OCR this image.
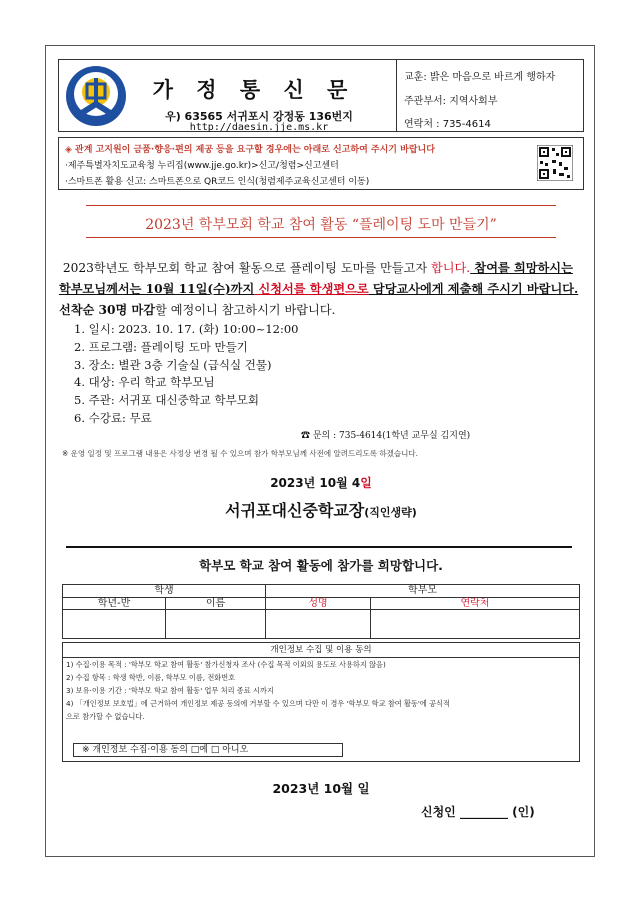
가 정 통 신 문
우) 63565 서귀포시 강정동 136번지
http://daesin.jje.ms.kr
교훈: 밝은 마음으로 바르게 행하자
주관부서: 지역사회부
연락처 : 735-4614
◈ 관계 고지원이 금품·향응·편의 제공 등을 요구할 경우에는 아래로 신고하여 주시기 바랍니다
·제주특별자치도교육청 누리집(www.jje.go.kr)>신고/청렴>신고센터
·스마트폰 활용 신고: 스마트폰으로 QR코드 인식(청렴제주교육신고센터 이동)
2023년 학부모회 학교 참여 활동 “플레이팅 도마 만들기”
2023학년도 학부모회 학교 참여 활동으로 플레이팅 도마를 만들고자 합니다. 참여를 희망하시는 학부모님께서는 10월 11일(수)까지 신청서를 학생편으로 담당교사에게 제출해 주시기 바랍니다. 선착순 30명 마감할 예정이니 참고하시기 바랍니다.
1. 일시: 2023. 10. 17. (화) 10:00~12:00
2. 프로그램: 플레이팅 도마 만들기
3. 장소: 별관 3층 기술실 (급식실 건물)
4. 대상: 우리 학교 학부모님
5. 주관: 서귀포 대신중학교 학부모회
6. 수강료: 무료
☎ 문의 : 735-4614(1학년 교무실 김지연)
※ 운영 일정 및 프로그램 내용은 사정상 변경 될 수 있으며 참가 학부모님께 사전에 알려드리도록 하겠습니다.
2023년 10월 4일
서귀포대신중학교장(직인생략)
학부모 학교 참여 활동에 참가를 희망합니다.
학생	학부모
학년-반	이름	성명	연락처
개인정보 수집 및 이용 동의
1) 수집·이용 목적 : '학부모 학교 참여 활동' 참가신청자 조사 (수집 목적 이외의 용도로 사용하지 않음)
2) 수집 항목 : 학생 학반, 이름, 학부모 이름, 전화번호
3) 보유·이용 기간 : '학부모 학교 참여 활동' 업무 처리 종료 시까지
4) 「개인정보 보호법」에 근거하여 개인정보 제공 동의에 거부할 수 있으며 다만 이 경우 '학부모 학교 참여 활동'에 공식적
으로 참가할 수 없습니다.
※ 개인정보 수집·이용 동의 □예 □ 아니오
2023년 10월 일
신청인 ________ (인)
